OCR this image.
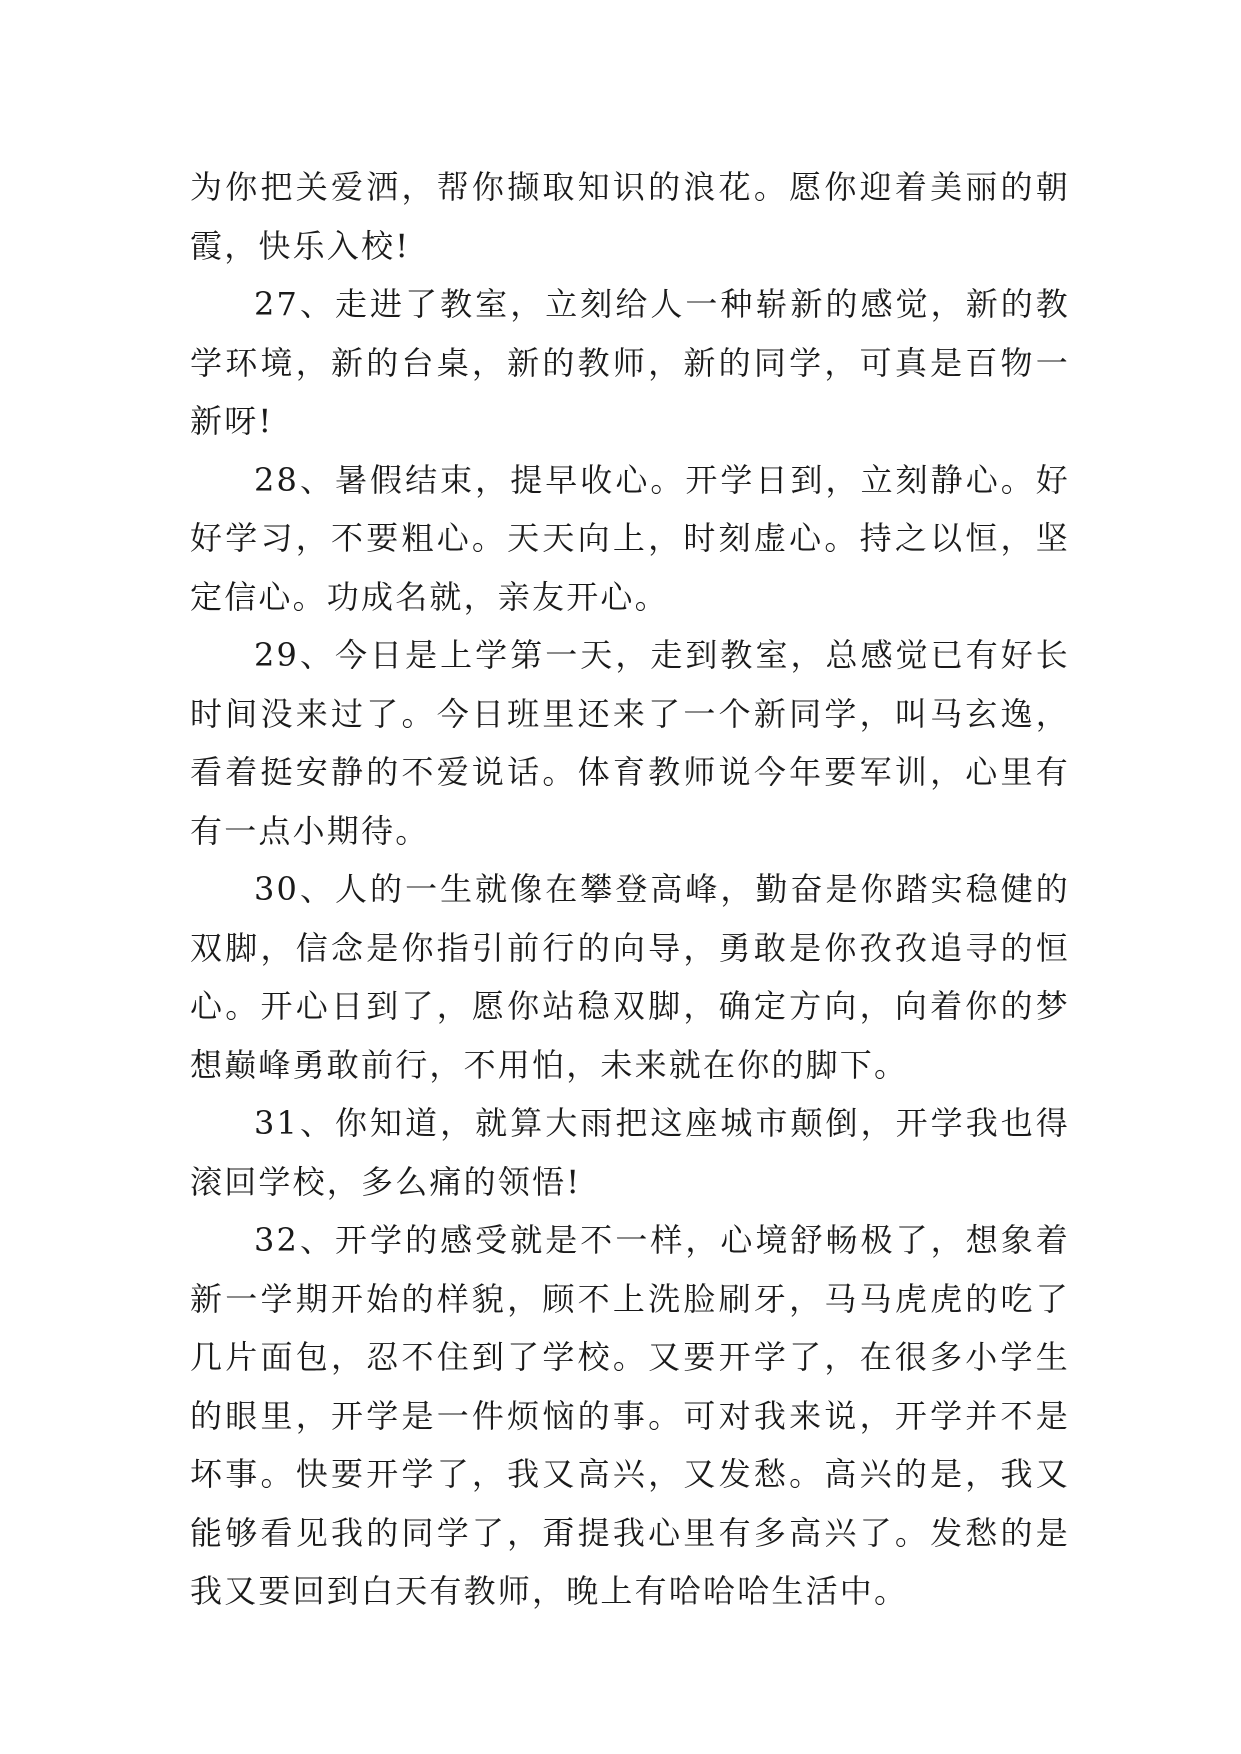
为你把关爱洒，帮你撷取知识的浪花。愿你迎着美丽的朝霞，快乐入校!

27、走进了教室，立刻给人一种崭新的感觉，新的教学环境，新的台桌，新的教师，新的同学，可真是百物一新呀!

28、暑假结束，提早收心。开学日到，立刻静心。好好学习，不要粗心。天天向上，时刻虚心。持之以恒，坚定信心。功成名就，亲友开心。

29、今日是上学第一天，走到教室，总感觉已有好长时间没来过了。今日班里还来了一个新同学，叫马玄逸，看着挺安静的不爱说话。体育教师说今年要军训，心里有有一点小期待。

30、人的一生就像在攀登高峰，勤奋是你踏实稳健的双脚，信念是你指引前行的向导，勇敢是你孜孜追寻的恒心。开心日到了，愿你站稳双脚，确定方向，向着你的梦想巅峰勇敢前行，不用怕，未来就在你的脚下。

31、你知道，就算大雨把这座城市颠倒，开学我也得滚回学校，多么痛的领悟!

32、开学的感受就是不一样，心境舒畅极了，想象着新一学期开始的样貌，顾不上洗脸刷牙，马马虎虎的吃了几片面包，忍不住到了学校。又要开学了，在很多小学生的眼里，开学是一件烦恼的事。可对我来说，开学并不是坏事。快要开学了，我又高兴，又发愁。高兴的是，我又能够看见我的同学了，甭提我心里有多高兴了。发愁的是我又要回到白天有教师，晚上有哈哈哈生活中。
